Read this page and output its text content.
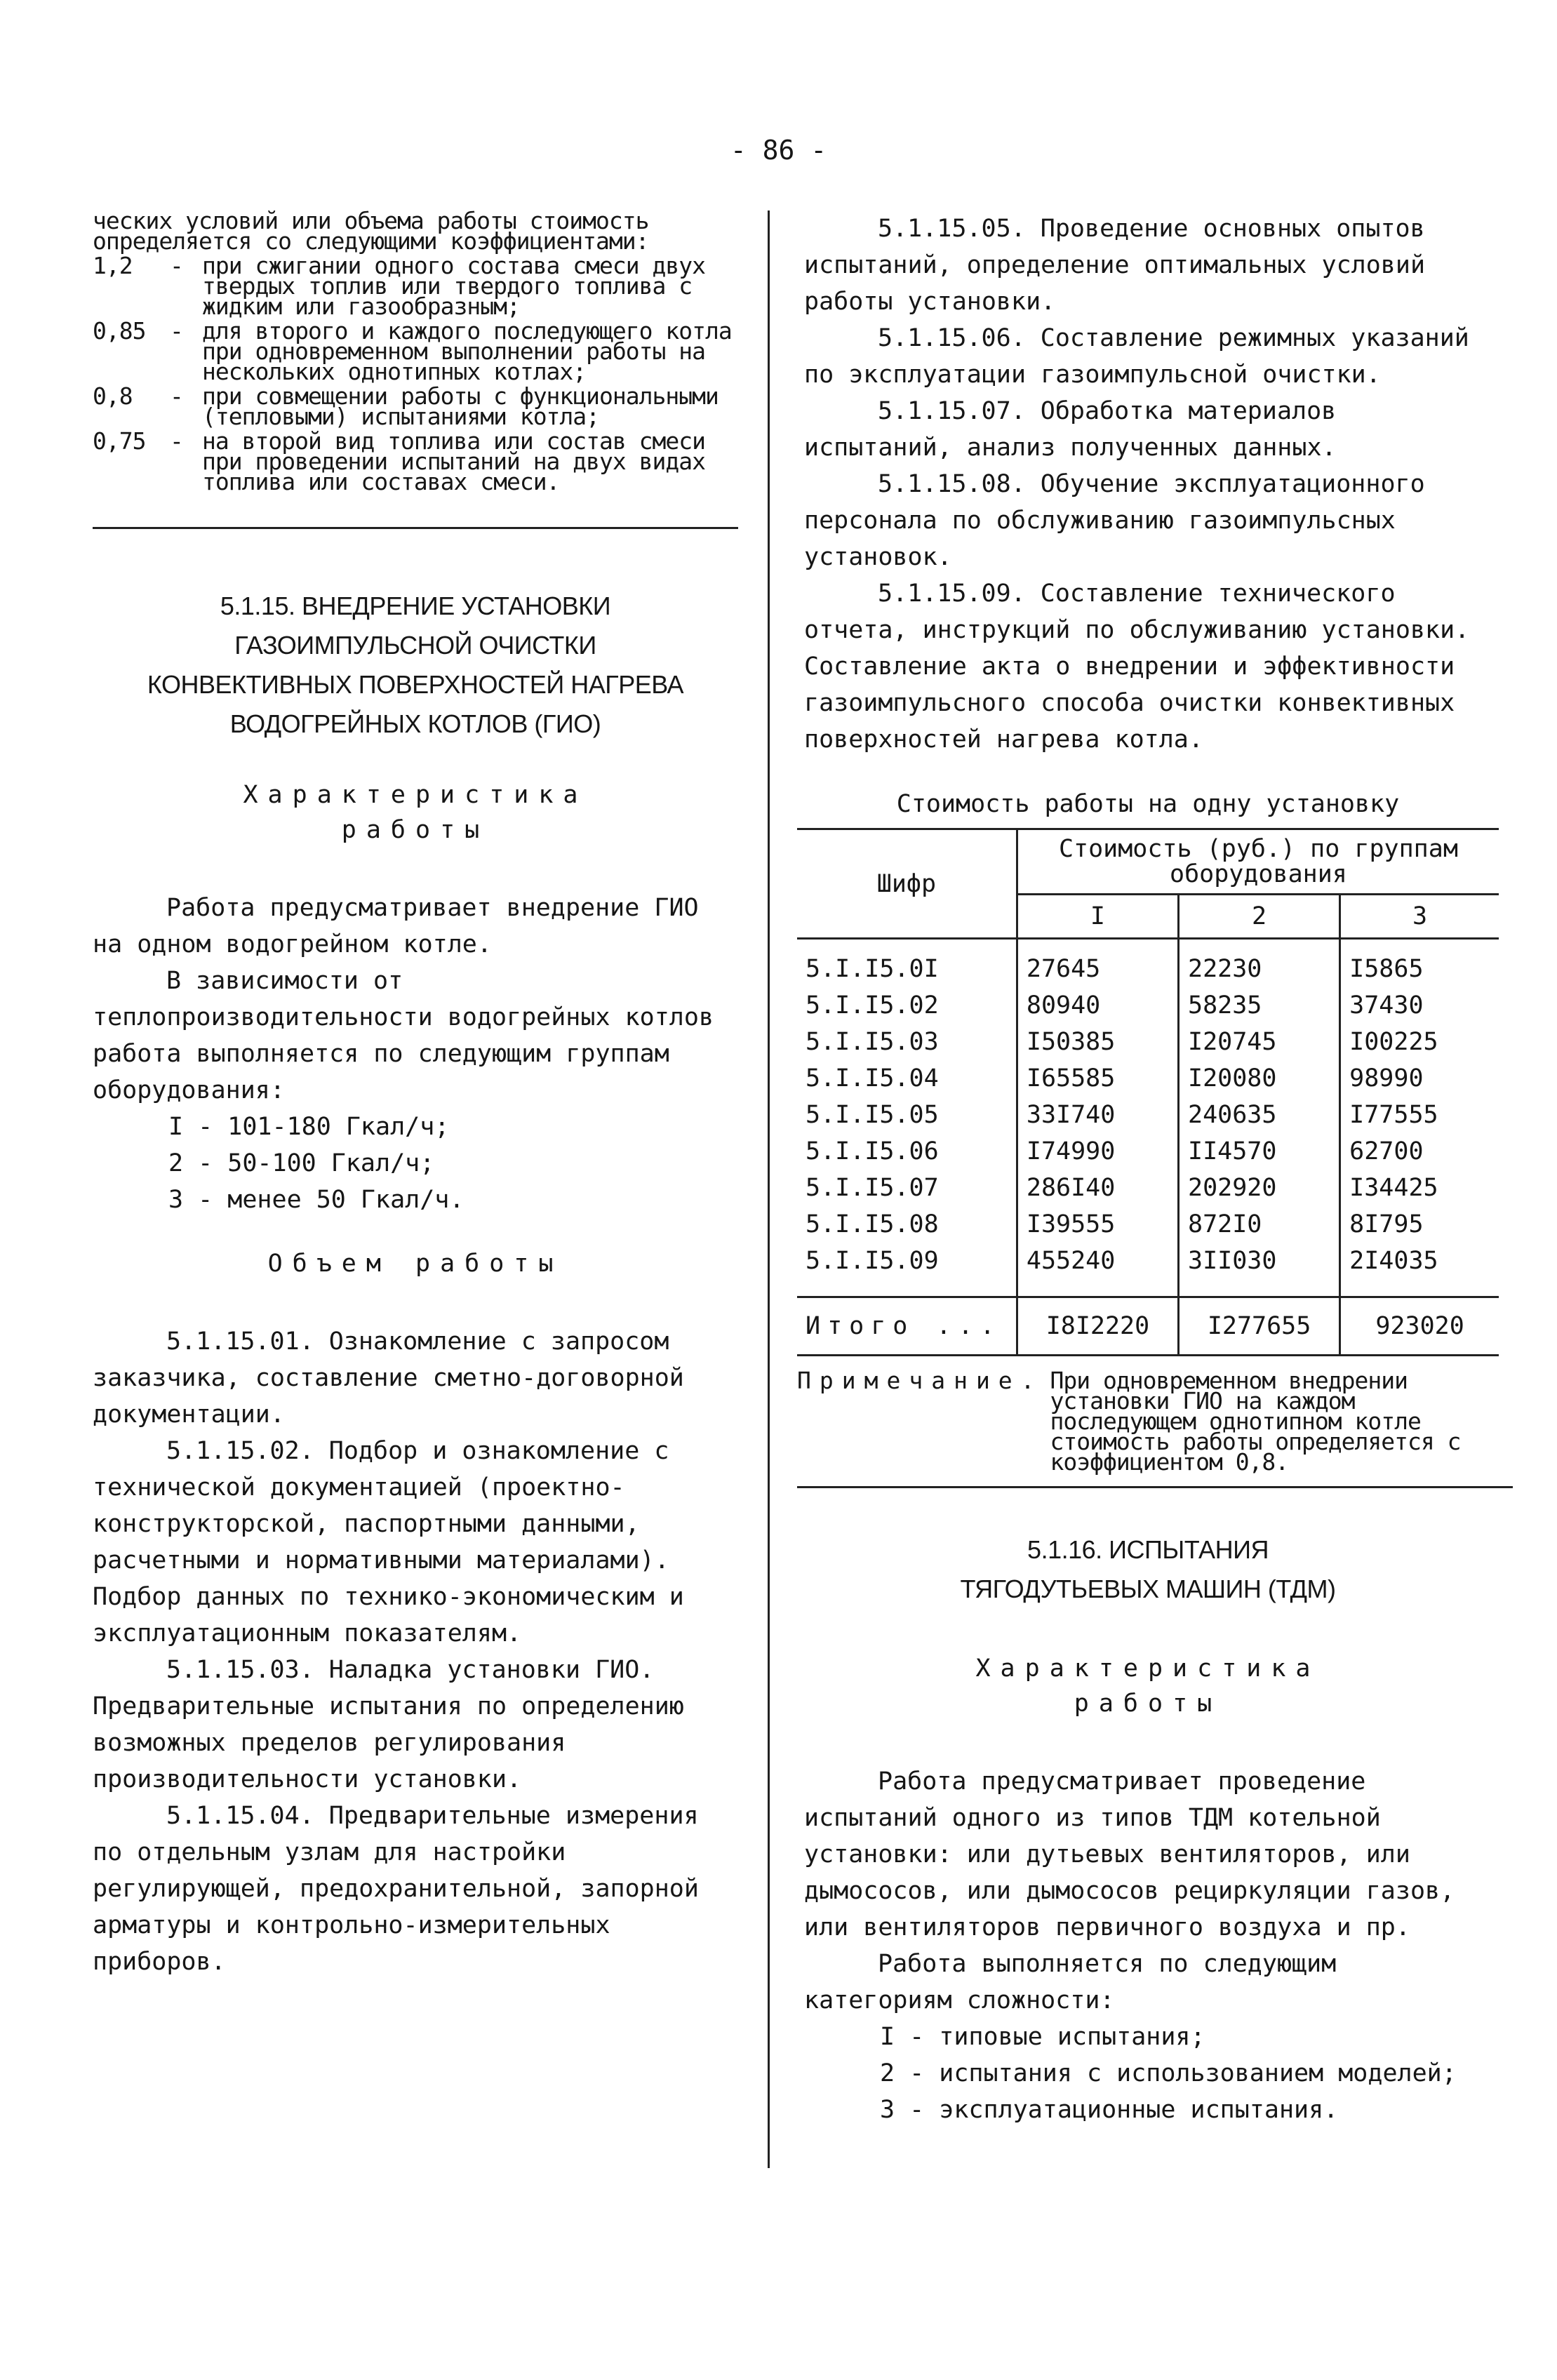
- 86 -
ческих условий или объема работы стоимость определяется со следующими коэффициентами:
1,2	- при сжигании одного состава смеси двух твердых топлив или твердого топлива с жидким или газообразным;
0,85	- для второго и каждого последующего котла при одновременном выполнении работы на нескольких однотипных котлах;
0,8	- при совмещении работы с функциональными (тепловыми) испытаниями котла;
0,75	- на второй вид топлива или состав смеси при проведении испытаний на двух видах топлива или составах смеси.
5.1.15. ВНЕДРЕНИЕ УСТАНОВКИ
ГАЗОИМПУЛЬСНОЙ ОЧИСТКИ
КОНВЕКТИВНЫХ ПОВЕРХНОСТЕЙ НАГРЕВА
ВОДОГРЕЙНЫХ КОТЛОВ (ГИО)
Характеристика
работы

Работа предусматривает внедрение ГИО на одном водогрейном котле.

В зависимости от теплопроизводительности водогрейных котлов работа выполняется по следующим группам оборудования:

I - 101-180 Гкал/ч;
2 - 50-100 Гкал/ч;
3 - менее 50 Гкал/ч.
Объем работы

5.1.15.01. Ознакомление с запросом заказчика, составление сметно-договорной документации.

5.1.15.02. Подбор и ознакомление с технической документацией (проектно-конструкторской, паспортными данными, расчетными и нормативными материалами). Подбор данных по технико-экономическим и эксплуатационным показателям.

5.1.15.03. Наладка установки ГИО. Предварительные испытания по определению возможных пределов регулирования производительности установки.

5.1.15.04. Предварительные измерения по отдельным узлам для настройки регулирующей, предохранительной, запорной арматуры и контрольно-измерительных приборов.

5.1.15.05. Проведение основных опытов испытаний, определение оптимальных условий работы установки.

5.1.15.06. Составление режимных указаний по эксплуатации газоимпульсной очистки.

5.1.15.07. Обработка материалов испытаний, анализ полученных данных.

5.1.15.08. Обучение эксплуатационного персонала по обслуживанию газоимпульсных установок.

5.1.15.09. Составление технического отчета, инструкций по обслуживанию установки. Составление акта о внедрении и эффективности газоимпульсного способа очистки конвективных поверхностей нагрева котла.

Стоимость работы на одну установку
Шифр	Стоимость (руб.) по группам оборудования		
	I	2	3
5.I.I5.0I	27645	22230	I5865
5.I.I5.02	80940	58235	37430
5.I.I5.03	I50385	I20745	I00225
5.I.I5.04	I65585	I20080	98990
5.I.I5.05	33I740	240635	I77555
5.I.I5.06	I74990	II4570	62700
5.I.I5.07	286I40	202920	I34425
5.I.I5.08	I39555	872I0	8I795
5.I.I5.09	455240	3II030	2I4035
Итого ...	I8I2220	I277655	923020
Примечание. При одновременном внедрении установки ГИО на каждом последующем однотипном котле стоимость работы определяется с коэффициентом 0,8.
5.1.16. ИСПЫТАНИЯ
ТЯГОДУТЬЕВЫХ МАШИН (ТДМ)
Характеристика
работы

Работа предусматривает проведение испытаний одного из типов ТДМ котельной установки: или дутьевых вентиляторов, или дымососов, или дымососов рециркуляции газов, или вентиляторов первичного воздуха и пр.

Работа выполняется по следующим категориям сложности:

I - типовые испытания;
2 - испытания с использованием моделей;
3 - эксплуатационные испытания.
